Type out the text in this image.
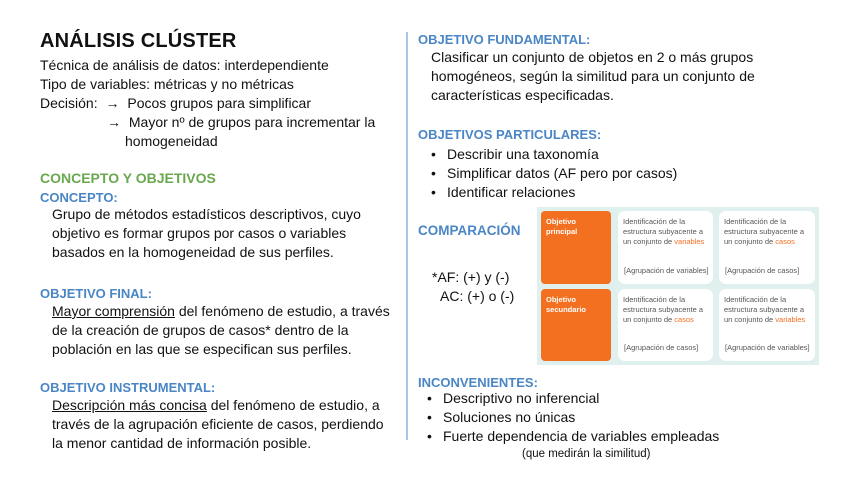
ANÁLISIS CLÚSTER
Técnica de análisis de datos: interdependiente
Tipo de variables: métricas y no métricas
Decisión: → Pocos grupos para simplificar
→ Mayor nº de grupos para incrementar la
homogeneidad
CONCEPTO Y OBJETIVOS
CONCEPTO:
Grupo de métodos estadísticos descriptivos, cuyo objetivo es formar grupos por casos o variables basados en la homogeneidad de sus perfiles.
OBJETIVO FINAL:
Mayor comprensión del fenómeno de estudio, a través de la creación de grupos de casos* dentro de la población en las que se especifican sus perfiles.
OBJETIVO INSTRUMENTAL:
Descripción más concisa del fenómeno de estudio, a través de la agrupación eficiente de casos, perdiendo la menor cantidad de información posible.
OBJETIVO FUNDAMENTAL:
Clasificar un conjunto de objetos en 2 o más grupos homogéneos, según la similitud para un conjunto de características especificadas.
OBJETIVOS PARTICULARES:
• Describir una taxonomía
• Simplificar datos (AF pero por casos)
• Identificar relaciones
COMPARACIÓN
*AF: (+) y (-)
AC: (+) o (-)
Objetivo principal
Identificación de la estructura subyacente a un conjunto de variables
[Agrupación de variables]
Identificación de la estructura subyacente a un conjunto de casos
[Agrupación de casos]
Objetivo secundario
Identificación de la estructura subyacente a un conjunto de casos
[Agrupación de casos]
Identificación de la estructura subyacente a un conjunto de variables
[Agrupación de variables]
INCONVENIENTES:
• Descriptivo no inferencial
• Soluciones no únicas
• Fuerte dependencia de variables empleadas
(que medirán la similitud)
